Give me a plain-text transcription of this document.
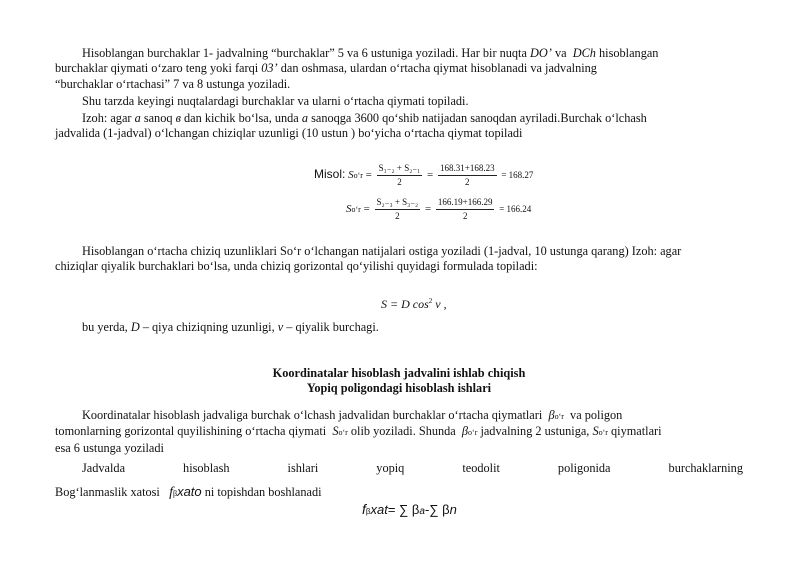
Hisoblangan burchaklar 1- jadvalning “burchaklar” 5 va 6 ustuniga yoziladi. Har bir nuqta DO’ va DCh hisoblangan

burchaklar qiymati o‘zaro teng yoki farqi 03’ dan oshmasa, ulardan o‘rtacha qiymat hisoblanadi va jadvalning

“burchaklar o‘rtachasi” 7 va 8 ustunga yoziladi.

Shu tarzda keyingi nuqtalardagi burchaklar va ularni o‘rtacha qiymati topiladi.

Izoh: agar a sanoq в dan kichik bo‘lsa, unda a sanoqga 3600 qo‘shib natijadan sanoqdan ayriladi.Burchak o‘lchash

jadvalida (1-jadval) o‘lchangan chiziqlar uzunligi (10 ustun ) bo‘yicha o‘rtacha qiymat topiladi

Misol: So‘r = $\frac{\text{S₁₋₂ + S₂₋₁}}{2} = \frac{168.31+168.23}{2} = 168.27$
So‘r = $\frac{\text{S₂₋₃ + S₃₋₂}}{2} = \frac{166.19+166.29}{2} = 166.24$

Hisoblangan o‘rtacha chiziq uzunliklari So‘r o‘lchangan natijalari ostiga yoziladi (1-jadval, 10 ustunga qarang) Izoh: agar

chiziqlar qiyalik burchaklari bo‘lsa, unda chiziq gorizontal qo‘yilishi quyidagi formulada topiladi:

S = D $\cos^2 \nu$ ,

bu yerda, D – qiya chiziqning uzunligi, v – qiyalik burchagi.

Koordinatalar hisoblash jadvalini ishlab chiqish

Yopiq poligondagi hisoblash ishlari

Koordinatalar hisoblash jadvaliga burchak o‘lchash jadvalidan burchaklar o‘rtacha qiymatlari βo‘r va poligon

tomonlarning gorizontal quyilishining o‘rtacha qiymati So‘r olib yoziladi. Shunda βo‘r jadvalning 2 ustuniga, So‘r qiymatlari

esa 6 ustunga yoziladi

Jadvalda	hisoblash	ishlari	yopiq	teodolit	poligonida	burchaklarning

Bog‘lanmaslik xatosi fβxato ni topishdan boshlanadi

fβxat= ∑ βa-∑ βn
